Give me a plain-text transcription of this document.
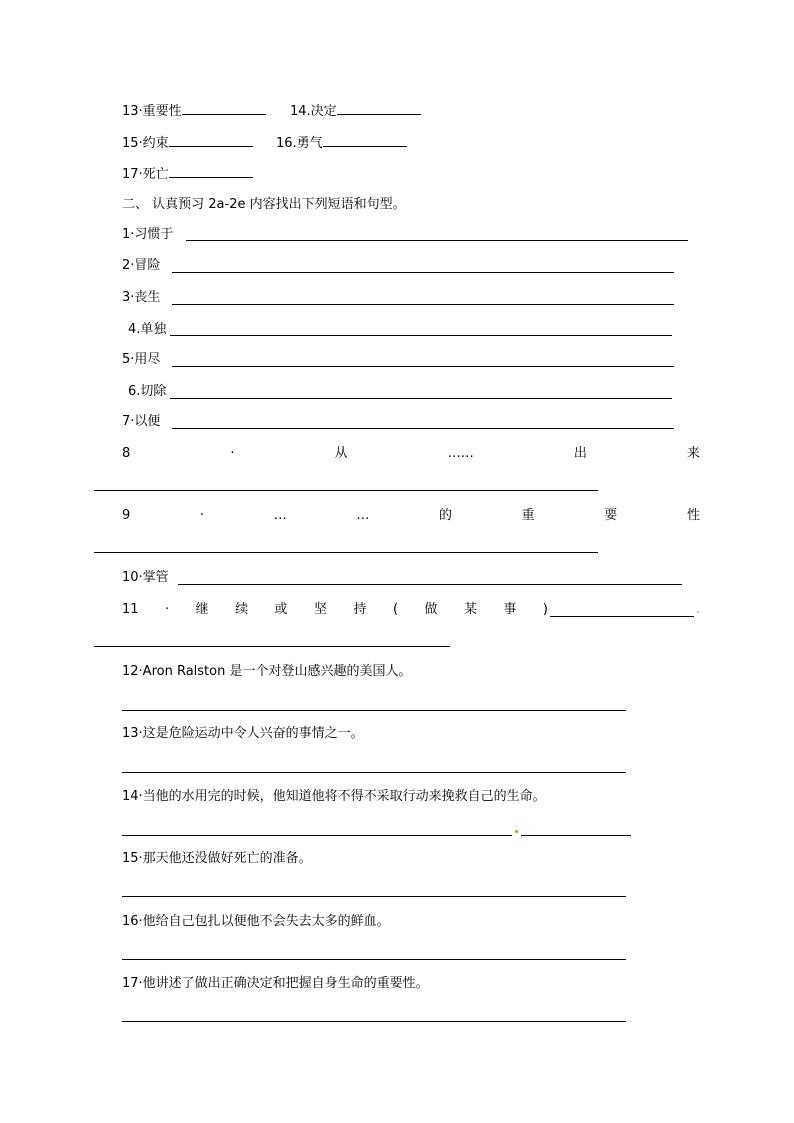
13·重要性	14.决定
15·约束	16.勇气
17·死亡
二、 认真预习 2a-2e 内容找出下列短语和句型。
1·习惯于
2·冒险
3·丧生
4.单独
5·用尽
6.切除
7·以便
8	·	从	……	出	来
9	·	…	…	的	重	要	性
10·掌管
11 · 继 续 或 坚 持 ( 做 某 事 )	.
12·Aron Ralston 是一个对登山感兴趣的美国人。
13·这是危险运动中令人兴奋的事情之一。
14·当他的水用完的时候，他知道他将不得不采取行动来挽救自己的生命。
15·那天他还没做好死亡的准备。
16·他给自己包扎以便他不会失去太多的鲜血。
17·他讲述了做出正确决定和把握自身生命的重要性。
